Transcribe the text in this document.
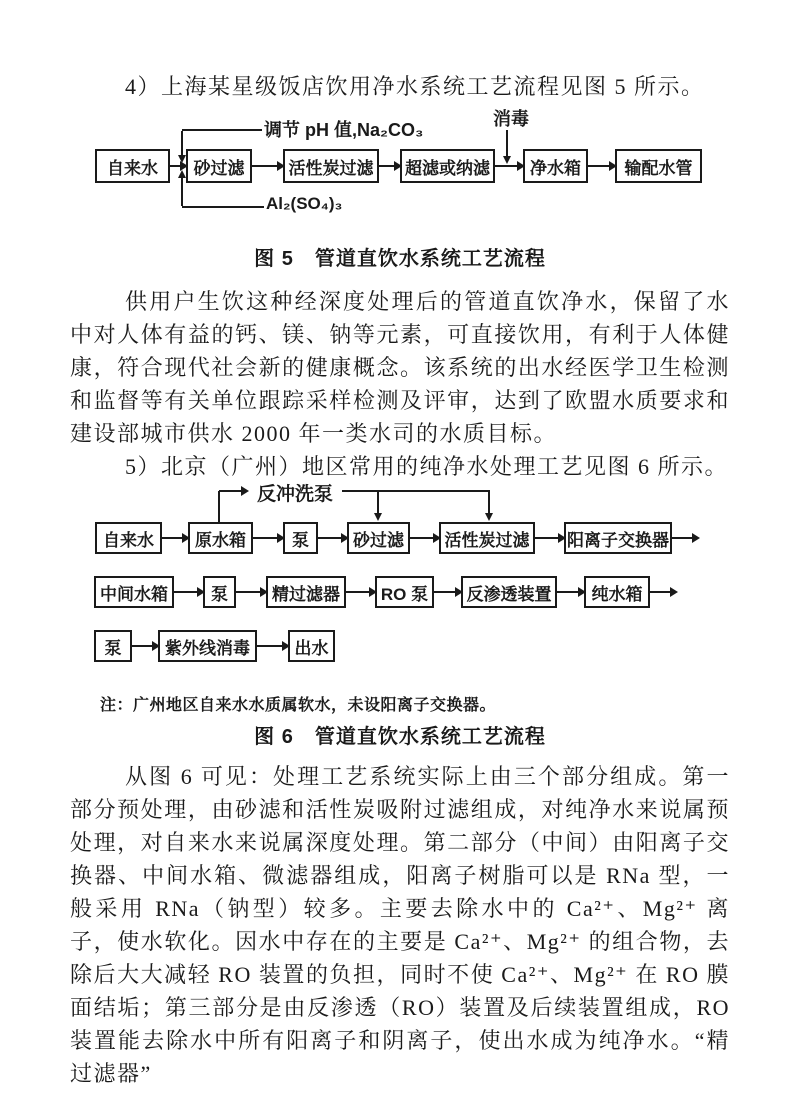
4）上海某星级饭店饮用净水系统工艺流程见图 5 所示。

消毒

调节 pH 值,Na₂CO₃

自来水	砂过滤	活性炭过滤	超滤或纳滤	净水箱	输配水管

Al₂(SO₄)₃

图 5　管道直饮水系统工艺流程

供用户生饮这种经深度处理后的管道直饮净水，保留了水中对人体有益的钙、镁、钠等元素，可直接饮用，有利于人体健康，符合现代社会新的健康概念。该系统的出水经医学卫生检测和监督等有关单位跟踪采样检测及评审，达到了欧盟水质要求和建设部城市供水 2000 年一类水司的水质目标。

5）北京（广州）地区常用的纯净水处理工艺见图 6 所示。

反冲洗泵

自来水	原水箱	泵	砂过滤	活性炭过滤	阳离子交换器
中间水箱	泵	精过滤器	RO 泵	反渗透装置	纯水箱
泵	紫外线消毒	出水

注：广州地区自来水水质属软水，未设阳离子交换器。

图 6　管道直饮水系统工艺流程

从图 6 可见：处理工艺系统实际上由三个部分组成。第一部分预处理，由砂滤和活性炭吸附过滤组成，对纯净水来说属预处理，对自来水来说属深度处理。第二部分（中间）由阳离子交换器、中间水箱、微滤器组成，阳离子树脂可以是 RNa 型，一般采用 RNa（钠型）较多。主要去除水中的 Ca²⁺、Mg²⁺ 离子，使水软化。因水中存在的主要是 Ca²⁺、Mg²⁺ 的组合物，去除后大大减轻 RO 装置的负担，同时不使 Ca²⁺、Mg²⁺ 在 RO 膜面结垢；第三部分是由反渗透（RO）装置及后续装置组成，RO 装置能去除水中所有阳离子和阴离子，使出水成为纯净水。“精过滤器”
